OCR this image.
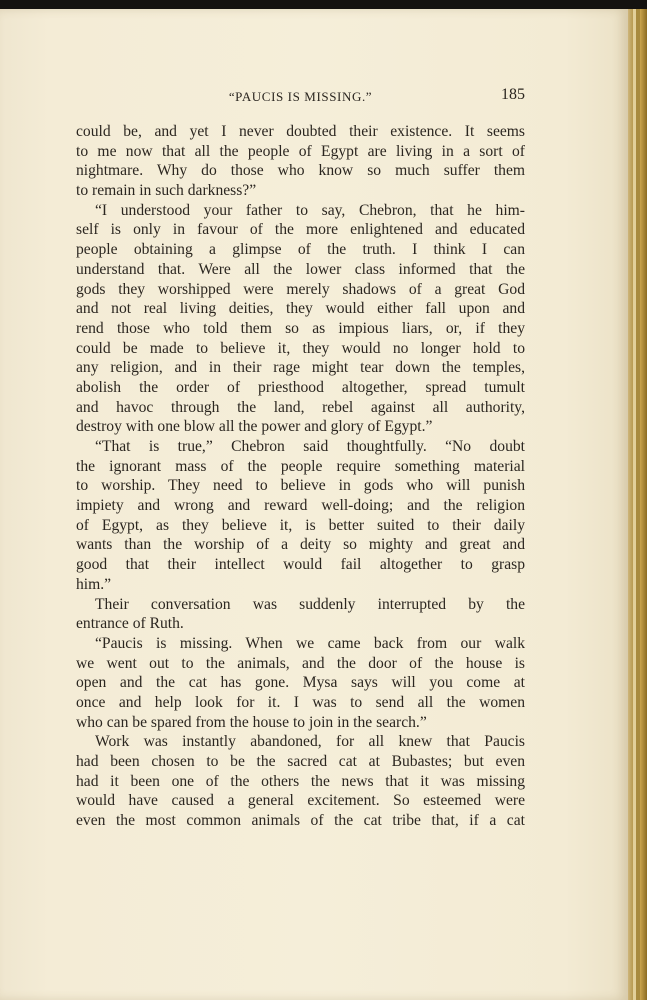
“PAUCIS IS MISSING.”	185
could be, and yet I never doubted their existence. It seems
to me now that all the people of Egypt are living in a sort of
nightmare. Why do those who know so much suffer them
to remain in such darkness?”
“I understood your father to say, Chebron, that he him-
self is only in favour of the more enlightened and educated
people obtaining a glimpse of the truth. I think I can
understand that. Were all the lower class informed that the
gods they worshipped were merely shadows of a great God
and not real living deities, they would either fall upon and
rend those who told them so as impious liars, or, if they
could be made to believe it, they would no longer hold to
any religion, and in their rage might tear down the temples,
abolish the order of priesthood altogether, spread tumult
and havoc through the land, rebel against all authority,
destroy with one blow all the power and glory of Egypt.”
“That is true,” Chebron said thoughtfully. “No doubt
the ignorant mass of the people require something material
to worship. They need to believe in gods who will punish
impiety and wrong and reward well-doing; and the religion
of Egypt, as they believe it, is better suited to their daily
wants than the worship of a deity so mighty and great and
good that their intellect would fail altogether to grasp
him.”
Their conversation was suddenly interrupted by the
entrance of Ruth.
“Paucis is missing. When we came back from our walk
we went out to the animals, and the door of the house is
open and the cat has gone. Mysa says will you come at
once and help look for it. I was to send all the women
who can be spared from the house to join in the search.”
Work was instantly abandoned, for all knew that Paucis
had been chosen to be the sacred cat at Bubastes; but even
had it been one of the others the news that it was missing
would have caused a general excitement. So esteemed were
even the most common animals of the cat tribe that, if a cat
